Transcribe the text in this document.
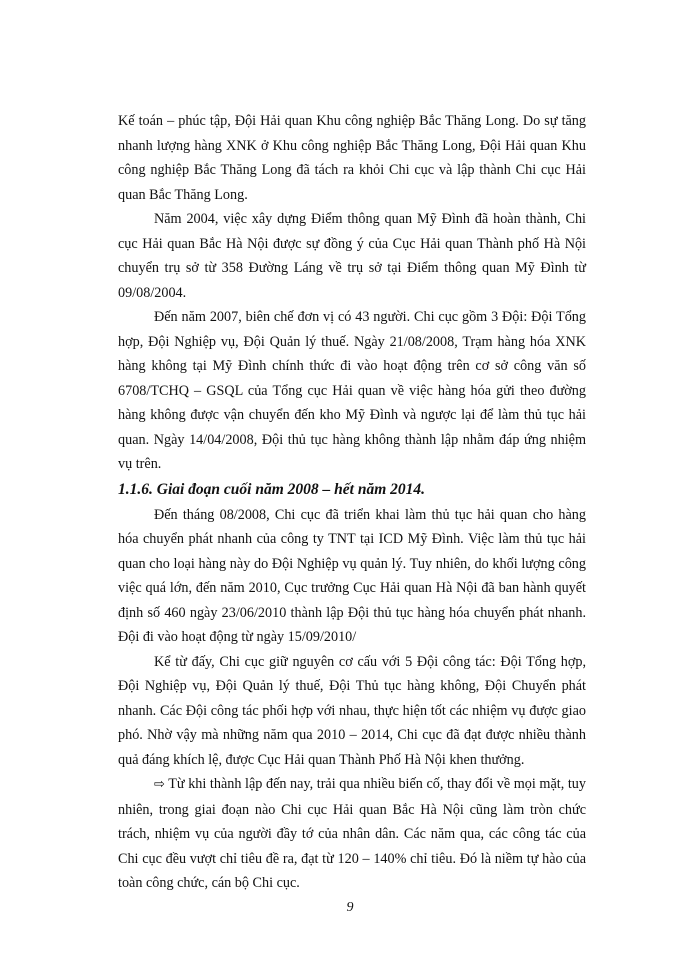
Kế toán – phúc tập, Đội Hải quan Khu công nghiệp Bắc Thăng Long. Do sự tăng nhanh lượng hàng XNK ở Khu công nghiệp Bắc Thăng Long, Đội Hải quan Khu công nghiệp Bắc Thăng Long đã tách ra khỏi Chi cục và lập thành Chi cục Hải quan Bắc Thăng Long.

Năm 2004, việc xây dựng Điểm thông quan Mỹ Đình đã hoàn thành, Chi cục Hải quan Bắc Hà Nội được sự đồng ý của Cục Hải quan Thành phố Hà Nội chuyển trụ sở từ 358 Đường Láng về trụ sở tại Điểm thông quan Mỹ Đình từ 09/08/2004.

Đến năm 2007, biên chế đơn vị có 43 người. Chi cục gồm 3 Đội: Đội Tổng hợp, Đội Nghiệp vụ, Đội Quản lý thuế. Ngày 21/08/2008, Trạm hàng hóa XNK hàng không tại Mỹ Đình chính thức đi vào hoạt động trên cơ sở công văn số 6708/TCHQ – GSQL của Tổng cục Hải quan về việc hàng hóa gửi theo đường hàng không được vận chuyển đến kho Mỹ Đình và ngược lại để làm thủ tục hải quan. Ngày 14/04/2008, Đội thủ tục hàng không thành lập nhằm đáp ứng nhiệm vụ trên.

1.1.6. Giai đoạn cuối năm 2008 – hết năm 2014.

Đến tháng 08/2008, Chi cục đã triển khai làm thủ tục hải quan cho hàng hóa chuyển phát nhanh của công ty TNT tại ICD Mỹ Đình. Việc làm thủ tục hải quan cho loại hàng này do Đội Nghiệp vụ quản lý. Tuy nhiên, do khối lượng công việc quá lớn, đến năm 2010, Cục trưởng Cục Hải quan Hà Nội đã ban hành quyết định số 460 ngày 23/06/2010 thành lập Đội thủ tục hàng hóa chuyển phát nhanh. Đội đi vào hoạt động từ ngày 15/09/2010/

Kể từ đấy, Chi cục giữ nguyên cơ cấu với 5 Đội công tác: Đội Tổng hợp, Đội Nghiệp vụ, Đội Quản lý thuế, Đội Thủ tục hàng không, Đội Chuyển phát nhanh. Các Đội công tác phối hợp với nhau, thực hiện tốt các nhiệm vụ được giao phó. Nhờ vậy mà những năm qua 2010 – 2014, Chi cục đã đạt được nhiều thành quả đáng khích lệ, được Cục Hải quan Thành Phố Hà Nội khen thưởng.

⇨ Từ khi thành lập đến nay, trải qua nhiều biến cố, thay đổi về mọi mặt, tuy nhiên, trong giai đoạn nào Chi cục Hải quan Bắc Hà Nội cũng làm tròn chức trách, nhiệm vụ của người đầy tớ của nhân dân. Các năm qua, các công tác của Chi cục đều vượt chỉ tiêu đề ra, đạt từ 120 – 140% chỉ tiêu. Đó là niềm tự hào của toàn công chức, cán bộ Chi cục.

9
